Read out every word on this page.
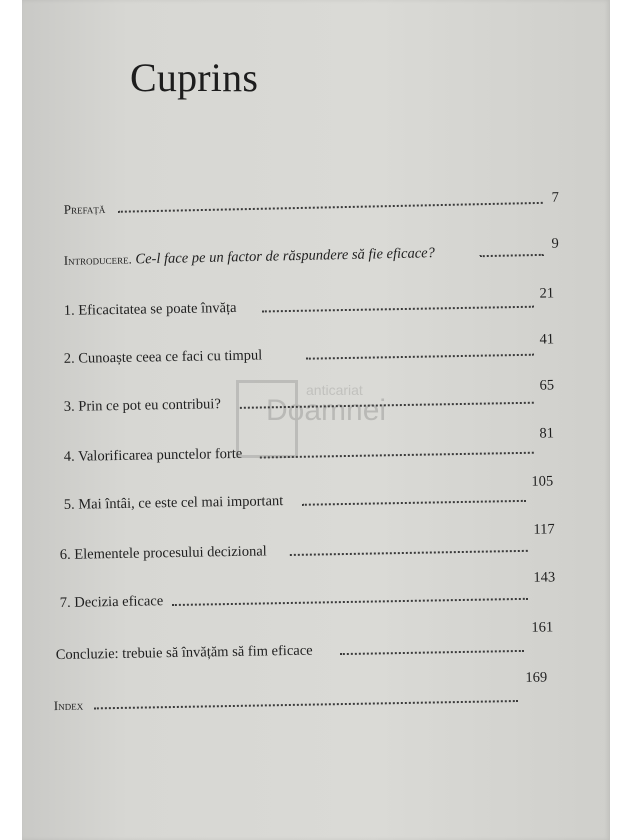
Cuprins
Prefață
7
Introducere. Ce-l face pe un factor de răspundere să fie eficace?
9
1. Eficacitatea se poate învăța
21
2. Cunoaște ceea ce faci cu timpul
41
3. Prin ce pot eu contribui?
65
4. Valorificarea punctelor forte
81
5. Mai întâi, ce este cel mai important
105
6. Elementele procesului decizional
117
7. Decizia eficace
143
Concluzie: trebuie să învățăm să fim eficace
161
Index
169
anticariat
Doamnei
